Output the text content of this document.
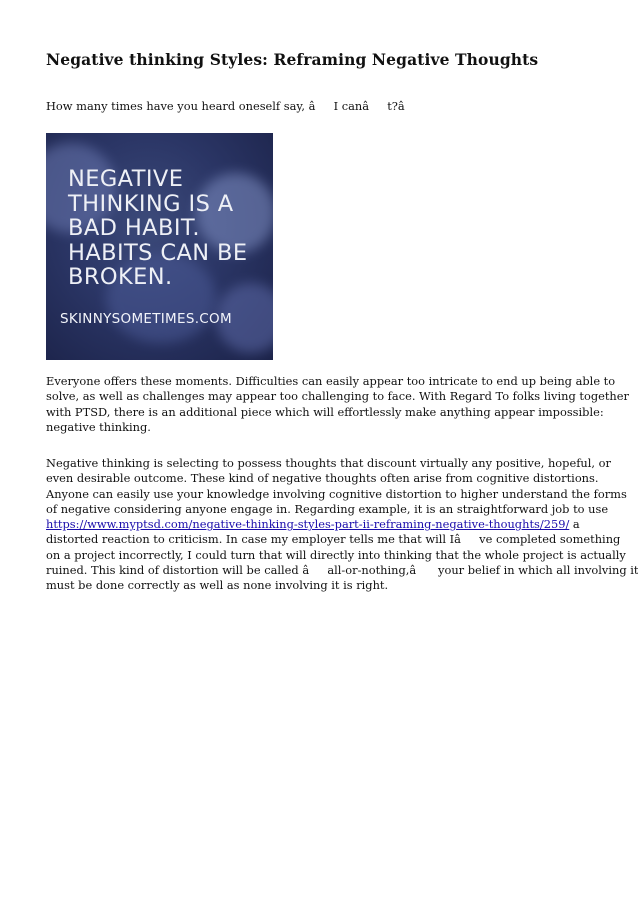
Negative thinking Styles: Reframing Negative Thoughts

How many times have you heard oneself say, âI canât?â

NEGATIVE
THINKING IS A
BAD HABIT.
HABITS CAN BE
BROKEN.
SKINNYSOMETIMES.COM

Everyone offers these moments. Difficulties can easily appear too intricate to end up being able to
solve, as well as challenges may appear too challenging to face. With Regard To folks living together
with PTSD, there is an additional piece which will effortlessly make anything appear impossible:
negative thinking.

Negative thinking is selecting to possess thoughts that discount virtually any positive, hopeful, or
even desirable outcome. These kind of negative thoughts often arise from cognitive distortions.
Anyone can easily use your knowledge involving cognitive distortion to higher understand the forms
of negative considering anyone engage in. Regarding example, it is an straightforward job to use
https://www.myptsd.com/negative-thinking-styles-part-ii-reframing-negative-thoughts/259/ a
distorted reaction to criticism. In case my employer tells me that will Iâve completed something
on a project incorrectly, I could turn that will directly into thinking that the whole project is actually
ruined. This kind of distortion will be called âall-or-nothing,â your belief in which all involving it
must be done correctly as well as none involving it is right.
